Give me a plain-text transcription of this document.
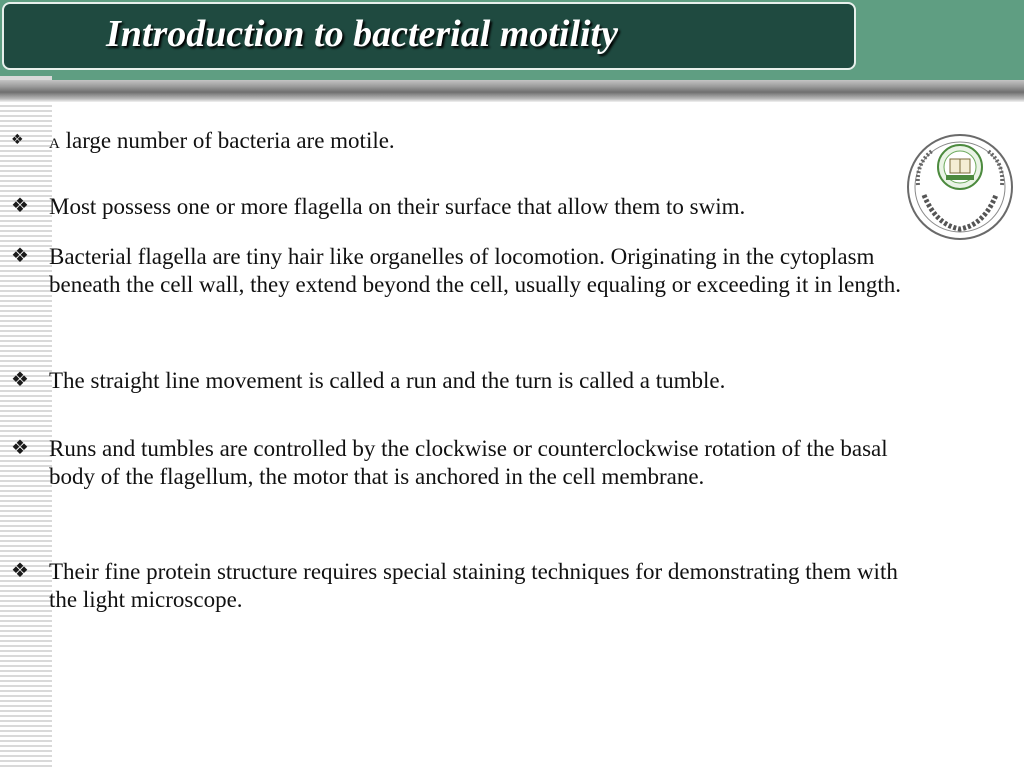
Introduction to bacterial motility
❖ A large number of bacteria are motile.

❖ Most possess one or more flagella on their surface that allow them to swim.

❖ Bacterial flagella are tiny hair like organelles of locomotion. Originating in the cytoplasm beneath the cell wall, they extend beyond the cell, usually equaling or exceeding it in length.

❖ The straight line movement is called a run and the turn is called a tumble.

❖ Runs and tumbles are controlled by the clockwise or counterclockwise rotation of the basal body of the flagellum, the motor that is anchored in the cell membrane.

❖ Their fine protein structure requires special staining techniques for demonstrating them with the light microscope.
